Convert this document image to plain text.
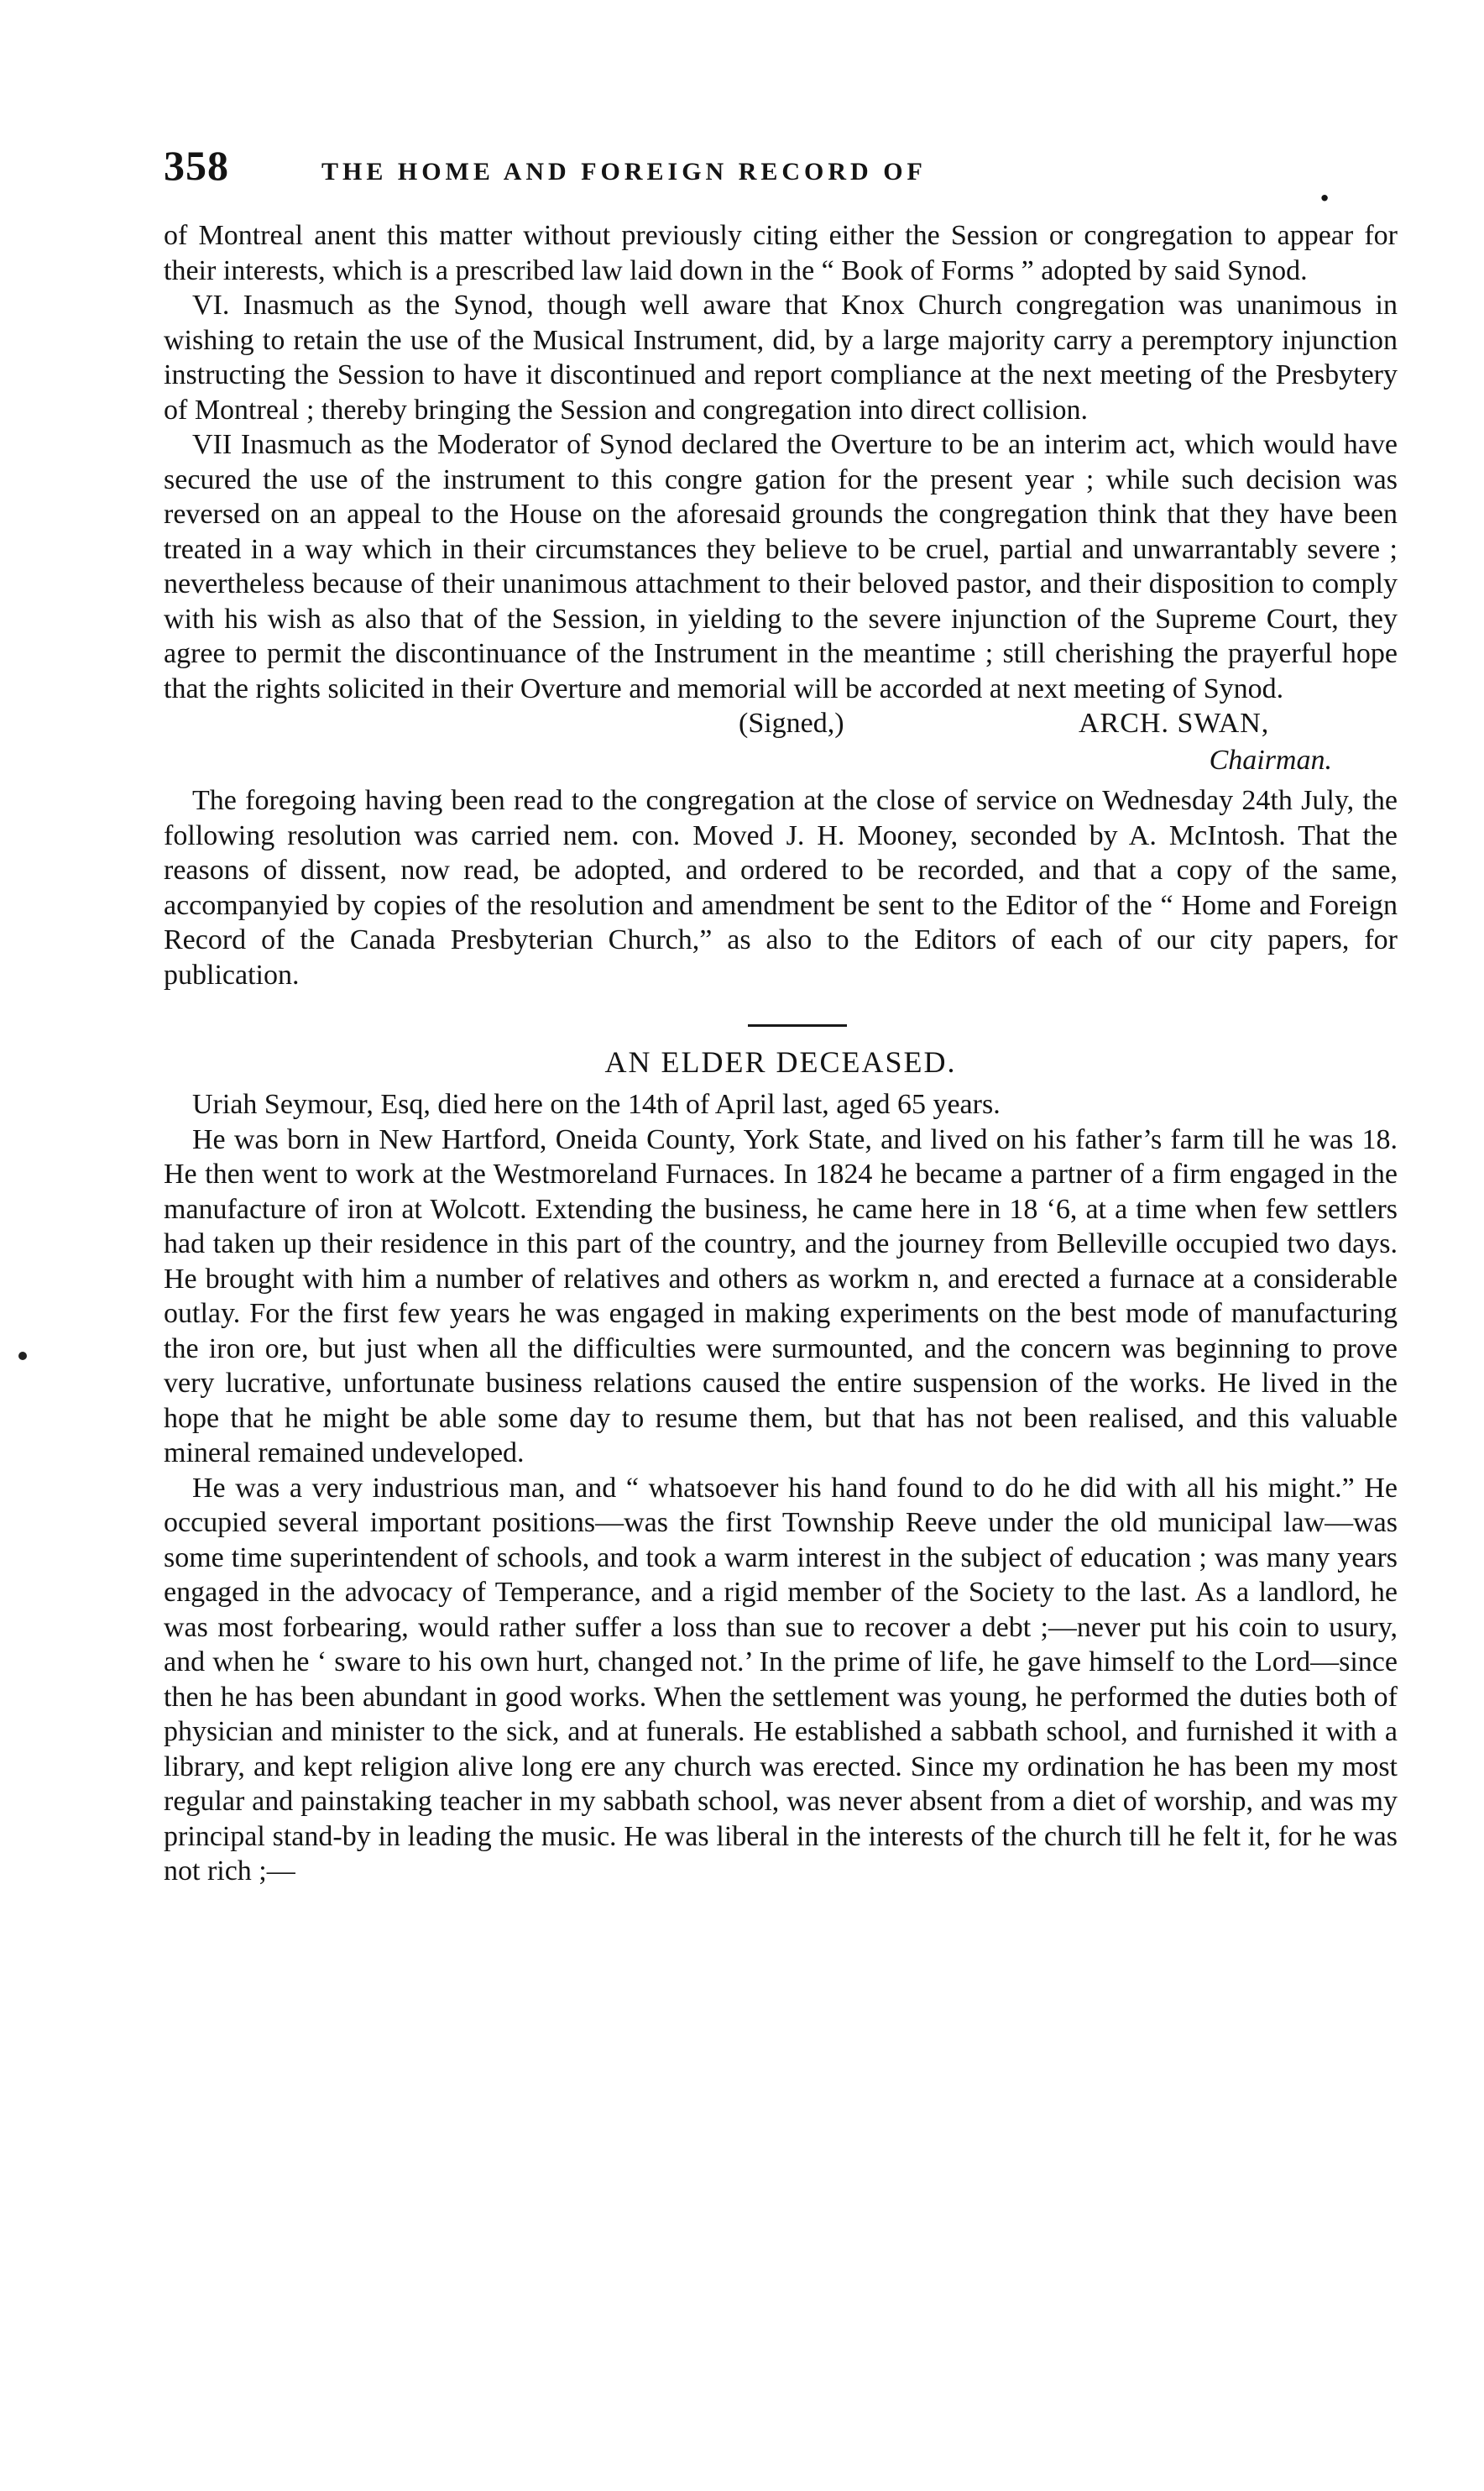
358	THE HOME AND FOREIGN RECORD OF	.

of Montreal anent this matter without previously citing either the Session or congregation to appear for their interests, which is a prescribed law laid down in the “ Book of Forms ” adopted by said Synod.

VI. Inasmuch as the Synod, though well aware that Knox Church congregation was unanimous in wishing to retain the use of the Musical Instrument, did, by a large majority carry a peremptory injunction instructing the Session to have it discontinued and report compliance at the next meeting of the Presbytery of Montreal ; thereby bringing the Session and congregation into direct collision.

VII Inasmuch as the Moderator of Synod declared the Overture to be an interim act, which would have secured the use of the instrument to this congre gation for the present year ; while such decision was reversed on an appeal to the House on the aforesaid grounds the congregation think that they have been treated in a way which in their circumstances they believe to be cruel, partial and unwarrantably severe ; nevertheless because of their unanimous attachment to their beloved pastor, and their disposition to comply with his wish as also that of the Session, in yielding to the severe injunction of the Supreme Court, they agree to permit the discontinuance of the Instrument in the meantime ; still cherishing the prayerful hope that the rights solicited in their Overture and memorial will be accorded at next meeting of Synod.

(Signed,)	ARCH. SWAN,
Chairman.

The foregoing having been read to the congregation at the close of service on Wednesday 24th July, the following resolution was carried nem. con. Moved J. H. Mooney, seconded by A. McIntosh. That the reasons of dissent, now read, be adopted, and ordered to be recorded, and that a copy of the same, accompanyied by copies of the resolution and amendment be sent to the Editor of the “ Home and Foreign Record of the Canada Presbyterian Church,” as also to the Editors of each of our city papers, for publication.

AN ELDER DECEASED.

Uriah Seymour, Esq, died here on the 14th of April last, aged 65 years.

He was born in New Hartford, Oneida County, York State, and lived on his father’s farm till he was 18. He then went to work at the Westmoreland Furnaces. In 1824 he became a partner of a firm engaged in the manufacture of iron at Wolcott. Extending the business, he came here in 18 ‘6, at a time when few settlers had taken up their residence in this part of the country, and the journey from Belleville occupied two days. He brought with him a number of relatives and others as workm n, and erected a furnace at a considerable outlay. For the first few years he was engaged in making experiments on the best mode of manufacturing the iron ore, but just when all the difficulties were surmounted, and the concern was beginning to prove very lucrative, unfortunate business relations caused the entire suspension of the works. He lived in the hope that he might be able some day to resume them, but that has not been realised, and this valuable mineral remained undeveloped.

He was a very industrious man, and “ whatsoever his hand found to do he did with all his might.” He occupied several important positions—was the first Township Reeve under the old municipal law—was some time superintendent of schools, and took a warm interest in the subject of education ; was many years engaged in the advocacy of Temperance, and a rigid member of the Society to the last. As a landlord, he was most forbearing, would rather suffer a loss than sue to recover a debt ;—never put his coin to usury, and when he ‘ sware to his own hurt, changed not.’ In the prime of life, he gave himself to the Lord—since then he has been abundant in good works. When the settlement was young, he performed the duties both of physician and minister to the sick, and at funerals. He established a sabbath school, and furnished it with a library, and kept religion alive long ere any church was erected. Since my ordination he has been my most regular and painstaking teacher in my sabbath school, was never absent from a diet of worship, and was my principal stand-by in leading the music. He was liberal in the interests of the church till he felt it, for he was not rich ;—
